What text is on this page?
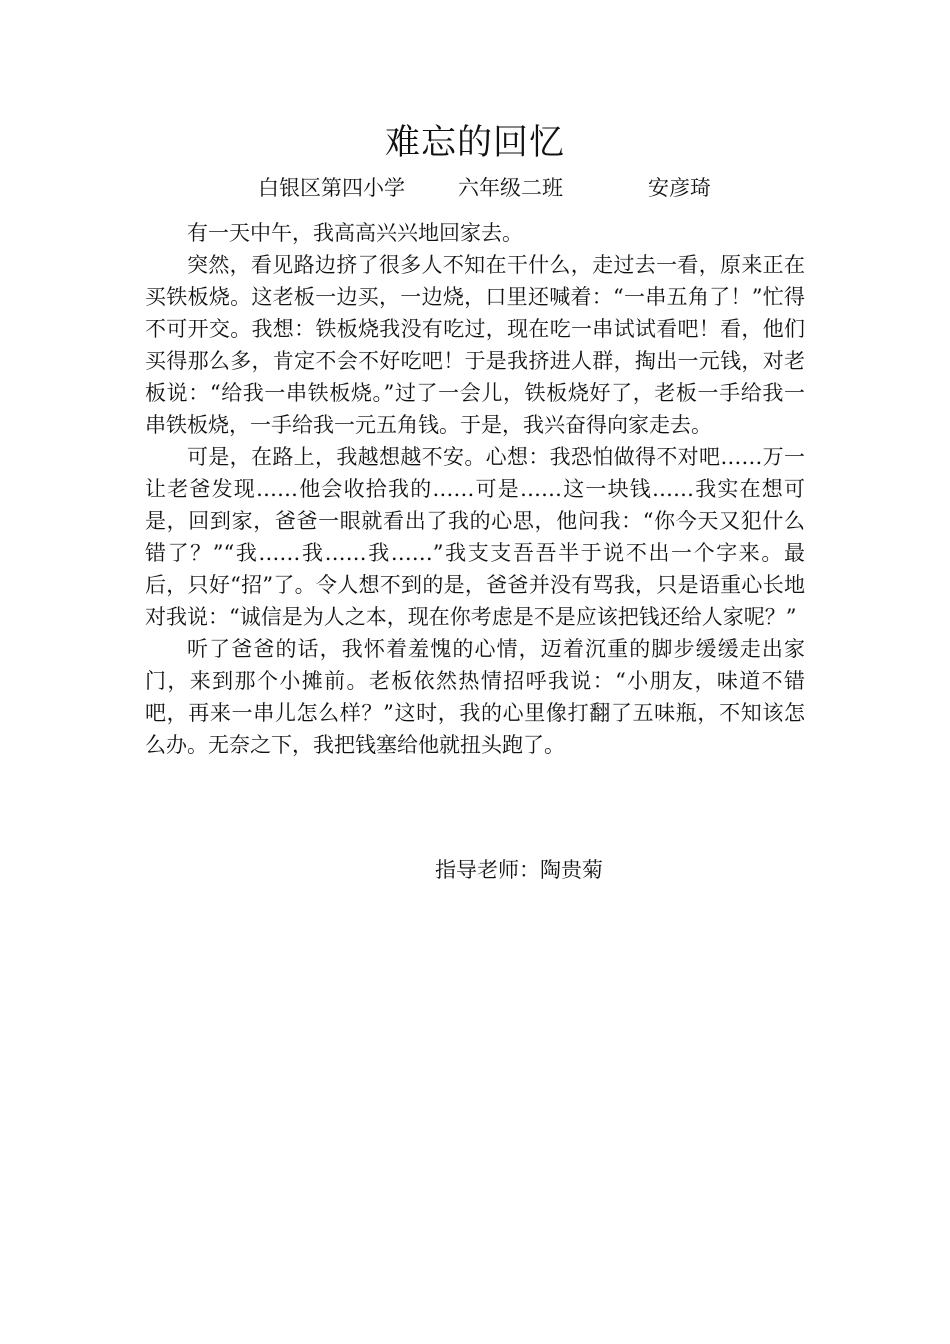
难忘的回忆
白银区第四小学	六年级二班	安彦琦

有一天中午，我高高兴兴地回家去。

突然，看见路边挤了很多人不知在干什么，走过去一看，原来正在买铁板烧。这老板一边买，一边烧，口里还喊着：“一串五角了！”忙得不可开交。我想：铁板烧我没有吃过，现在吃一串试试看吧！看，他们买得那么多，肯定不会不好吃吧！于是我挤进人群，掏出一元钱，对老板说：“给我一串铁板烧。”过了一会儿，铁板烧好了，老板一手给我一串铁板烧，一手给我一元五角钱。于是，我兴奋得向家走去。

可是，在路上，我越想越不安。心想：我恐怕做得不对吧……万一让老爸发现……他会收拾我的……可是……这一块钱……我实在想可是，回到家，爸爸一眼就看出了我的心思，他问我：“你今天又犯什么错了？”“我……我……我……”我支支吾吾半于说不出一个字来。最后，只好“招”了。令人想不到的是，爸爸并没有骂我，只是语重心长地对我说：“诚信是为人之本，现在你考虑是不是应该把钱还给人家呢？”

听了爸爸的话，我怀着羞愧的心情，迈着沉重的脚步缓缓走出家门，来到那个小摊前。老板依然热情招呼我说：“小朋友，味道不错吧，再来一串儿怎么样？”这时，我的心里像打翻了五味瓶，不知该怎么办。无奈之下，我把钱塞给他就扭头跑了。

指导老师：陶贵菊
